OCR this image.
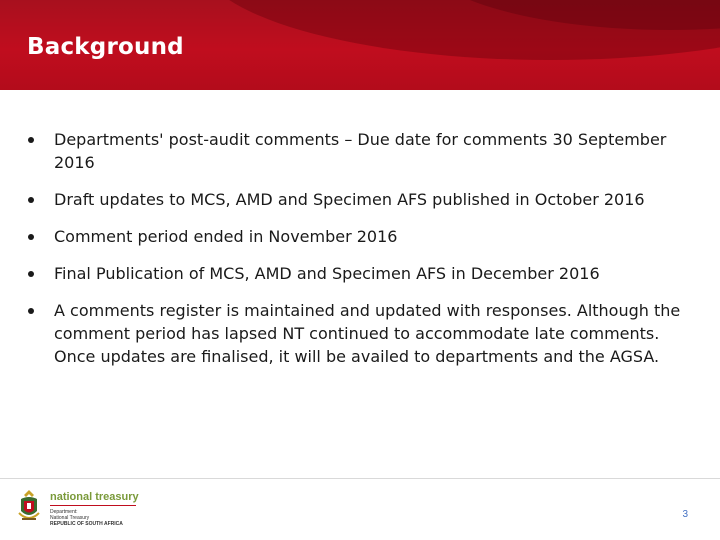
Background
Departments' post-audit comments – Due date for comments 30 September 2016
Draft updates to MCS, AMD and Specimen AFS published in October 2016
Comment period ended in November 2016
Final Publication of MCS, AMD and Specimen AFS in December 2016
A comments register is maintained and updated with responses. Although the comment period has lapsed NT continued to accommodate late comments. Once updates are finalised, it will be availed to departments and the AGSA.
national treasury
Department:
National Treasury
REPUBLIC OF SOUTH AFRICA
3
